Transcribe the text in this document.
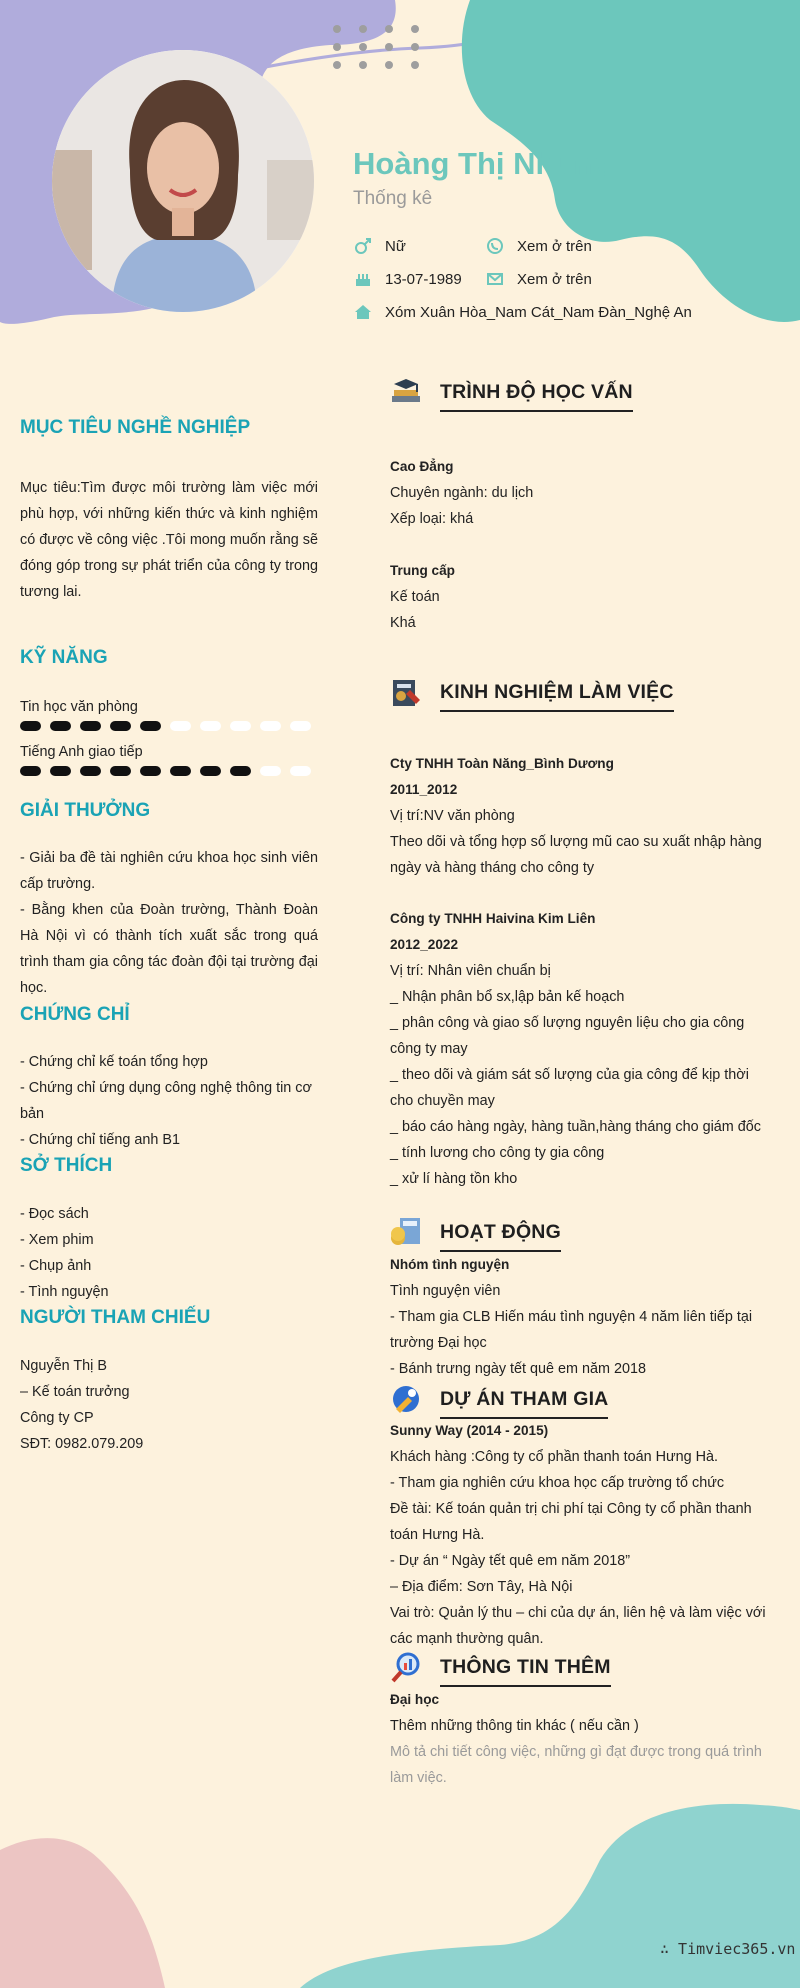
Hoàng Thị Nhung
Thống kê
Nữ	Xem ở trên
13-07-1989	Xem ở trên
Xóm Xuân Hòa_Nam Cát_Nam Đàn_Nghệ An
MỤC TIÊU NGHỀ NGHIỆP

Mục tiêu:Tìm được môi trường làm việc mới phù hợp, với những kiến thức và kinh nghiệm có được về công việc .Tôi mong muốn rằng sẽ đóng góp trong sự phát triển của công ty trong tương lai.

KỸ NĂNG
Tin học văn phòng
Tiếng Anh giao tiếp
GIẢI THƯỞNG

- Giải ba đề tài nghiên cứu khoa học sinh viên cấp trường.

- Bằng khen của Đoàn trường, Thành Đoàn Hà Nội vì có thành tích xuất sắc trong quá trình tham gia công tác đoàn đội tại trường đại học.

CHỨNG CHỈ

- Chứng chỉ kế toán tổng hợp

- Chứng chỉ ứng dụng công nghệ thông tin cơ bản

- Chứng chỉ tiếng anh B1

SỞ THÍCH

- Đọc sách

- Xem phim

- Chụp ảnh

- Tình nguyện

NGƯỜI THAM CHIẾU

Nguyễn Thị B

– Kế toán trưởng

Công ty CP

SĐT: 0982.079.209

TRÌNH ĐỘ HỌC VẤN

Cao Đẳng

Chuyên ngành: du lịch

Xếp loại: khá

Trung cấp

Kế toán

Khá

KINH NGHIỆM LÀM VIỆC

Cty TNHH Toàn Năng_Bình Dương

2011_2012

Vị trí:NV văn phòng

Theo dõi và tổng hợp số lượng mũ cao su xuất nhập hàng ngày và hàng tháng cho công ty

Công ty TNHH Haivina Kim Liên

2012_2022

Vị trí: Nhân viên chuẩn bị

_ Nhận phân bổ sx,lập bản kế hoạch

_ phân công và giao số lượng nguyên liệu cho gia công công ty may

_ theo dõi và giám sát số lượng của gia công để kịp thời cho chuyền may

_ báo cáo hàng ngày, hàng tuần,hàng tháng cho giám đốc

_ tính lương cho công ty gia công

_ xử lí hàng tồn kho

HOẠT ĐỘNG

Nhóm tình nguyện

Tình nguyện viên

- Tham gia CLB Hiến máu tình nguyện 4 năm liên tiếp tại trường Đại học

- Bánh trưng ngày tết quê em năm 2018

DỰ ÁN THAM GIA

Sunny Way (2014 - 2015)

Khách hàng :Công ty cổ phần thanh toán Hưng Hà.

- Tham gia nghiên cứu khoa học cấp trường tổ chức

Đề tài: Kế toán quản trị chi phí tại Công ty cổ phần thanh toán Hưng Hà.

- Dự án “ Ngày tết quê em năm 2018”

– Địa điểm: Sơn Tây, Hà Nội

Vai trò: Quản lý thu – chi của dự án, liên hệ và làm việc với các mạnh thường quân.

THÔNG TIN THÊM

Đại học

Thêm những thông tin khác ( nếu cần )

Mô tả chi tiết công việc, những gì đạt được trong quá trình làm việc.

∴ Timviec365.vn
